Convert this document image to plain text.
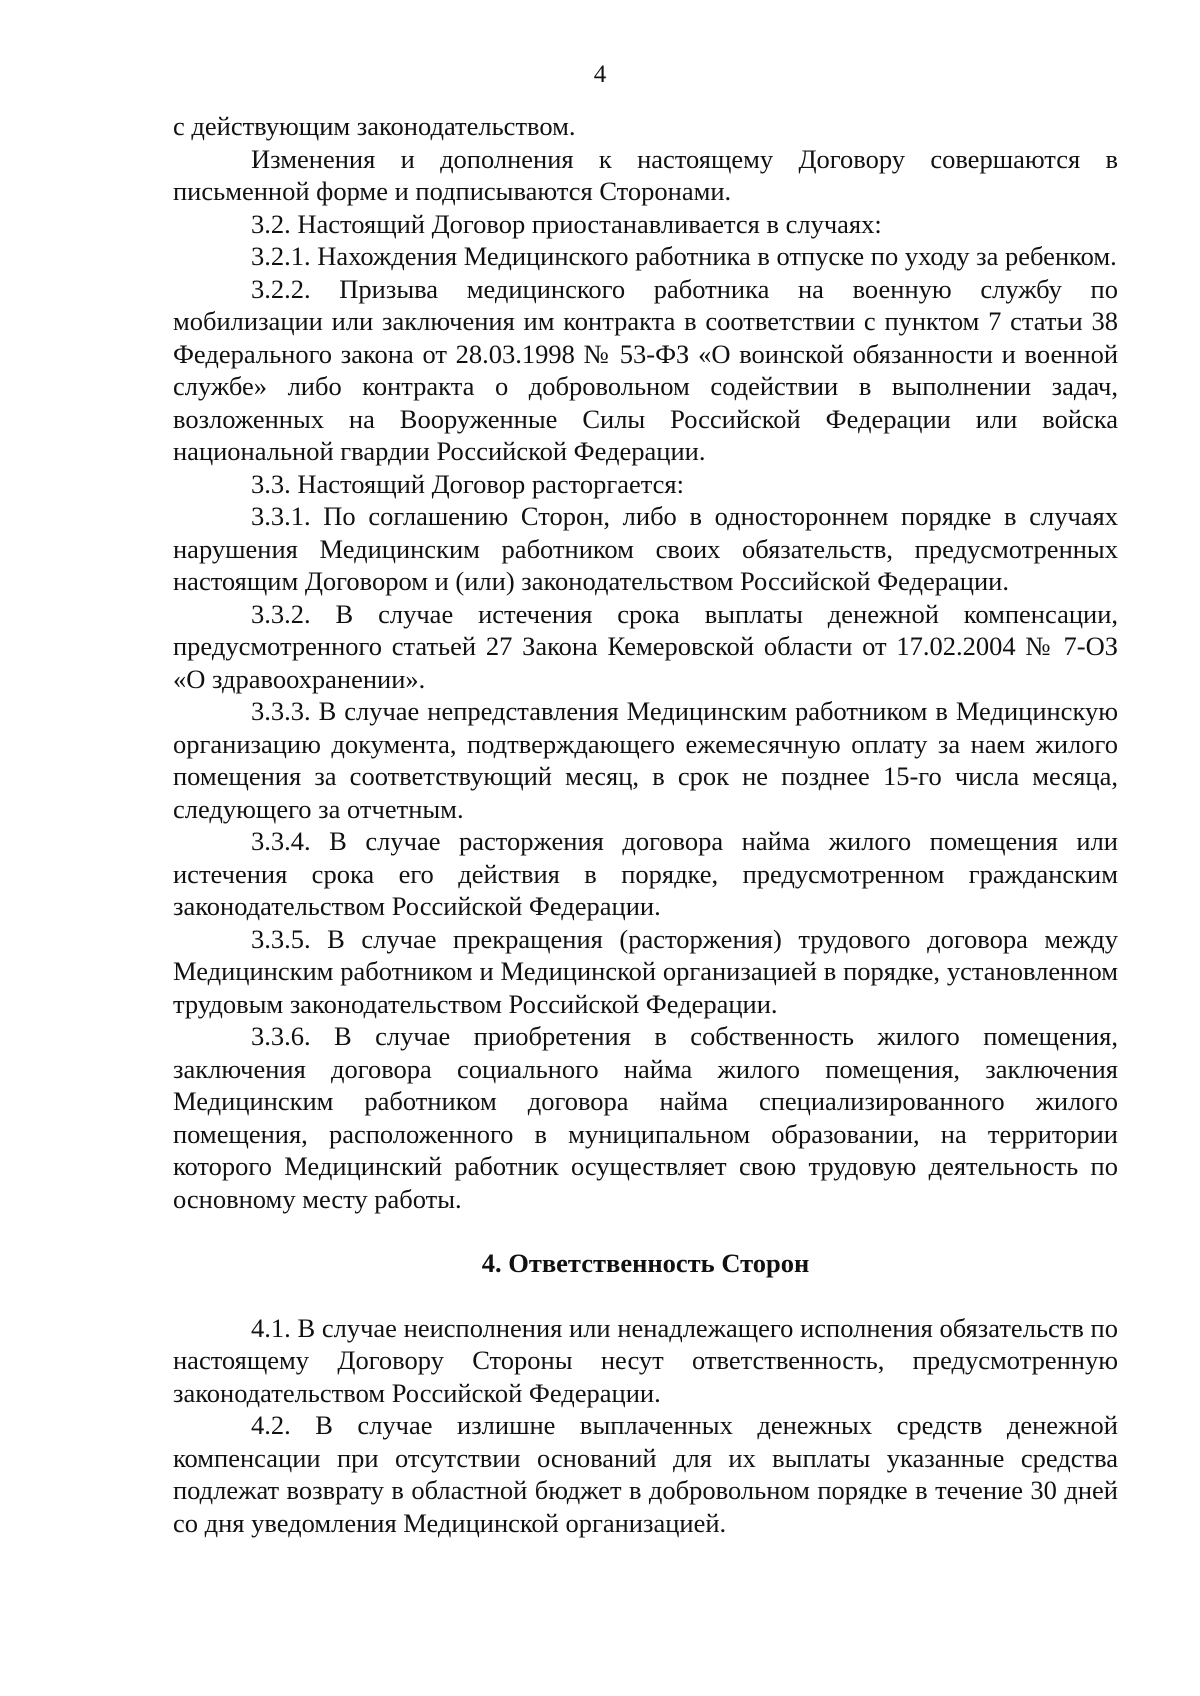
4

с действующим законодательством.

Изменения и дополнения к настоящему Договору совершаются в письменной форме и подписываются Сторонами.

3.2. Настоящий Договор приостанавливается в случаях:

3.2.1. Нахождения Медицинского работника в отпуске по уходу за ребенком.

3.2.2. Призыва медицинского работника на военную службу по мобилизации или заключения им контракта в соответствии с пунктом 7 статьи 38 Федерального закона от 28.03.1998 № 53-ФЗ «О воинской обязанности и военной службе» либо контракта о добровольном содействии в выполнении задач, возложенных на Вооруженные Силы Российской Федерации или войска национальной гвардии Российской Федерации.

3.3. Настоящий Договор расторгается:

3.3.1. По соглашению Сторон, либо в одностороннем порядке в случаях нарушения Медицинским работником своих обязательств, предусмотренных настоящим Договором и (или) законодательством Российской Федерации.

3.3.2. В случае истечения срока выплаты денежной компенсации, предусмотренного статьей 27 Закона Кемеровской области от 17.02.2004 № 7-ОЗ «О здравоохранении».

3.3.3. В случае непредставления Медицинским работником в Медицинскую организацию документа, подтверждающего ежемесячную оплату за наем жилого помещения за соответствующий месяц, в срок не позднее 15-го числа месяца, следующего за отчетным.

3.3.4. В случае расторжения договора найма жилого помещения или истечения срока его действия в порядке, предусмотренном гражданским законодательством Российской Федерации.

3.3.5. В случае прекращения (расторжения) трудового договора между Медицинским работником и Медицинской организацией в порядке, установленном трудовым законодательством Российской Федерации.

3.3.6. В случае приобретения в собственность жилого помещения, заключения договора социального найма жилого помещения, заключения Медицинским работником договора найма специализированного жилого помещения, расположенного в муниципальном образовании, на территории которого Медицинский работник осуществляет свою трудовую деятельность по основному месту работы.

4. Ответственность Сторон

4.1. В случае неисполнения или ненадлежащего исполнения обязательств по настоящему Договору Стороны несут ответственность, предусмотренную законодательством Российской Федерации.

4.2. В случае излишне выплаченных денежных средств денежной компенсации при отсутствии оснований для их выплаты указанные средства подлежат возврату в областной бюджет в добровольном порядке в течение 30 дней со дня уведомления Медицинской организацией.
